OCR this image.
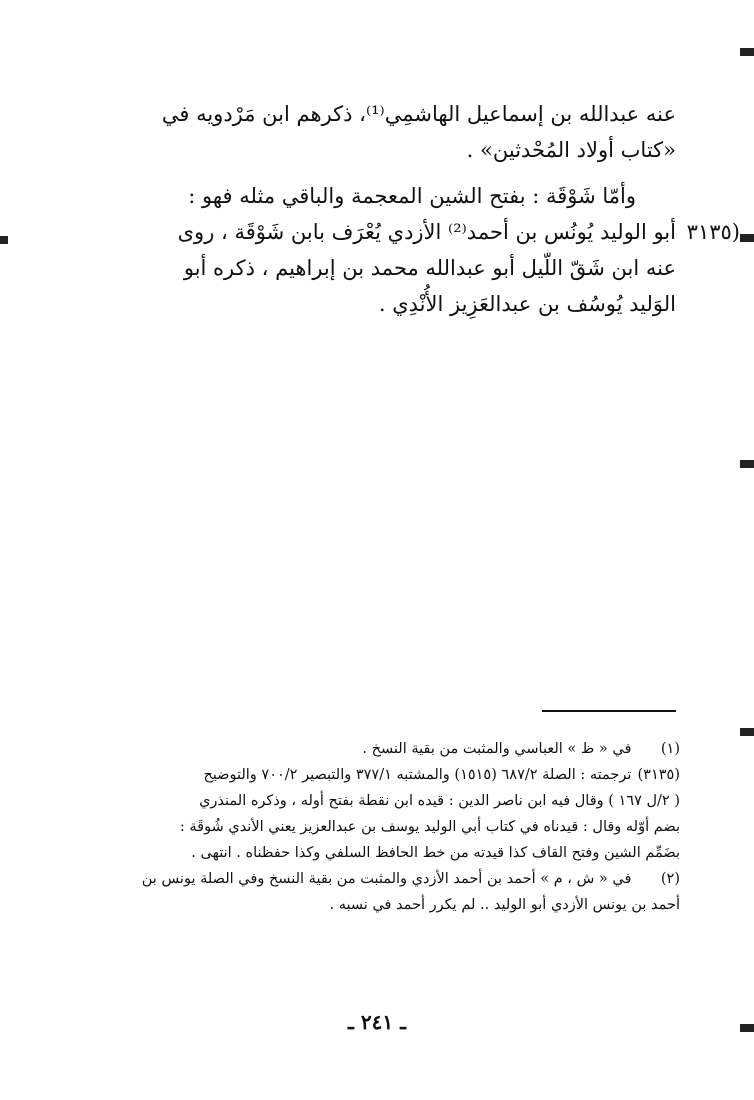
عنه عبدالله بن إسماعيل الهاشمِي⁽¹⁾، ذكرهم ابن مَرْدويه في
«كتاب أولاد المُحْدثين» .
وأمّا شَوْقَة : بفتح الشين المعجمة والباقي مثله فهو :
(٣١٣٥
أبو الوليد يُونُس بن أحمد⁽²⁾ الأزدي يُعْرَف بابن شَوْقَة ، روى
عنه ابن شَقّ اللّيل أبو عبدالله محمد بن إبراهيم ، ذكره أبو
الوَليد يُوسُف بن عبدالعَزِيز الأُنْدِي .
(١) في « ظ » العباسي والمثبت من بقية النسخ .
(٣١٣٥) ترجمته : الصلة ٦٨٧/٢ (١٥١٥) والمشتبه ٣٧٧/١ والتبصير ٧٠٠/٢ والتوضيح
( ٢/ل ١٦٧ ) وقال فيه ابن ناصر الدين : قيده ابن نقطة بفتح أوله ، وذكره المنذري
بضم أوّله وقال : قيدناه في كتاب أبي الوليد يوسف بن عبدالعزيز يعني الأندي شُوقَة :
بضَمِّم الشين وفتح القاف كذا قيدته من خط الحافظ السلفي وكذا حفظناه . انتهى .
(٢) في « ش ، م » أحمد بن أحمد الأزدي والمثبت من بقية النسخ وفي الصلة يونس بن
أحمد بن يونس الأزدي أبو الوليد .. لم يكرر أحمد في نسبه .
ـ ٢٤١ ـ
